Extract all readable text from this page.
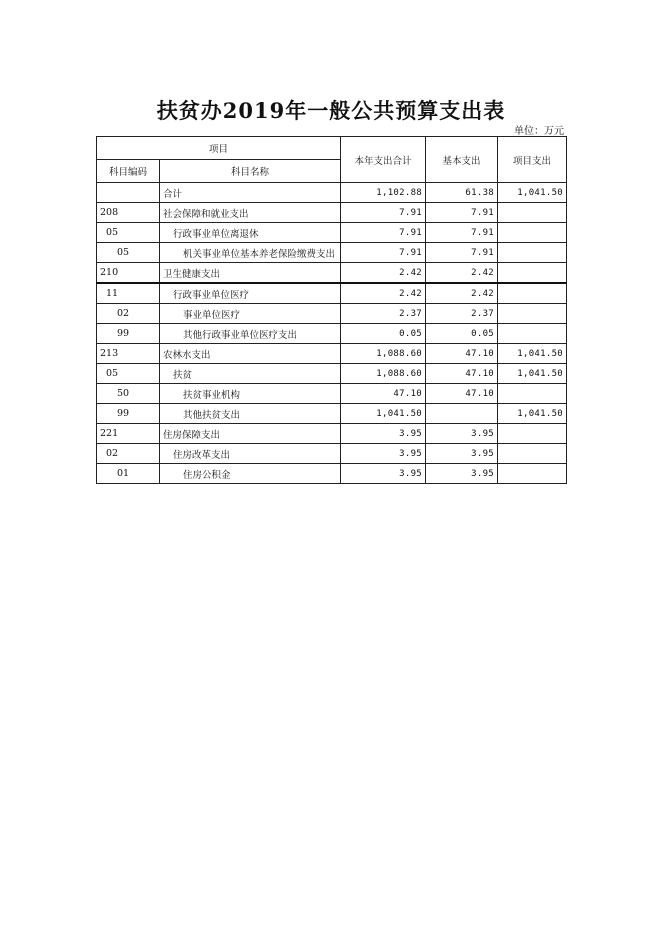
扶贫办2019年一般公共预算支出表
单位：万元
项目		本年支出合计	基本支出	项目支出
科目编码	科目名称			
	合计	1,102.88	61.38	1,041.50
208	社会保障和就业支出	7.91	7.91	
05	行政事业单位离退休	7.91	7.91	
05	机关事业单位基本养老保险缴费支出	7.91	7.91	
210	卫生健康支出	2.42	2.42	
11	行政事业单位医疗	2.42	2.42	
02	事业单位医疗	2.37	2.37	
99	其他行政事业单位医疗支出	0.05	0.05	
213	农林水支出	1,088.60	47.10	1,041.50
05	扶贫	1,088.60	47.10	1,041.50
50	扶贫事业机构	47.10	47.10	
99	其他扶贫支出	1,041.50		1,041.50
221	住房保障支出	3.95	3.95	
02	住房改革支出	3.95	3.95	
01	住房公积金	3.95	3.95	
